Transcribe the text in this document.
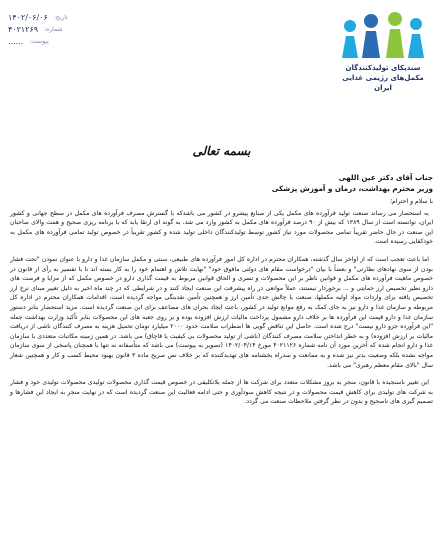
تاریخ:
۱۴۰۲/۰۶/۰۶
شماره:
۴۰۲۱۲۶۹
پیوست:
......
سندیکای تولیدکنندگان
مکمل‌های رژیمی غذایی
ایران
بسمه تعالی

جناب آقای دکتر عین اللهی

وزیر محترم بهداشت، درمان و آموزش پزشکی

با سلام و احترام؛

به استحضار می رساند صنعت تولید فرآورده های مکمل یکی از صنایع پیشرو در کشور می باشدکه با گسترش مصرف فرآورده های مکمل در سطح جهانی و کشور ایران، توانسته است از سال ۱۳۸۹ که بیش از ۹۰ درصد فرآورده های مکمل به کشور وارد می شد، به گونه ای ارتقا یابد که با برنامه ریزی صحیح و همت والای صاحبان این صنعت در حال حاضر تقریباً تمامی محصولات مورد نیاز کشور توسط تولیدکنندگان داخلی تولید شده و کشور تقریباً در خصوص تولید تمامی فرآورده های مکمل به خودکفایی رسیده است.

اما باعث تعجب است که از اواخر سال گذشته، همکاران محترم در اداره کل امور فرآورده های طبیعی، سنتی و مکمل سازمان غذا و دارو با عنوان نمودن "تحت فشار بودن از سوی نهادهای نظارتی" و بعضاً با بیان "درخواست مقام های دولتی مافوق خود" "نهایت تلاش و اهتمام خود را به کار بسته اند تا با تفسیر به رأی از قانون در خصوص ماهیت فرآورده های مکمل و قوانین ناظر بر این محصولات و تسری و الحاق قوانین مربوط به قیمت گذاری دارو در خصوص مکمل که از مزایا و فرصت های دارو نظیر تخصیص ارز حمایتی و ... برخوردار نیستند، عملاً موانعی در راه پیشرفت این صنعت ایجاد کنند و در شرایطی که در چند ماه اخیر به دلیل تغییر مبنای نرخ ارز تخصیص یافته برای واردات مواد اولیه مکملها، صنعت با چالش جدی تأمین ارز و همچنین تأمین نقدینگی مواجه گردیده است، اقدامات همکاران محترم در اداره کل مربوطه و سازمان غذا و دارو نیز به جای کمک به رفع موانع تولید در کشور، باعث ایجاد بحران های مضاعف برای این صنعت گردیده است. مزید استحضار بنابر دستور سازمان غذا و دارو قیمت این فرآورده ها بر خلاف دارو مشمول پرداخت مالیات ارزش افزوده بوده و بر روی جعبه های این محصولات بنابر تأکید وزارت بهداشت جمله "این فرآورده جزو دارو نیست" درج شده است. حاصل این تناقض گویی ها اضطراب سلامت حدود ۲۰۰۰ میلیارد تومان تحمیل هزینه به مصرف کنندگان ناشی از دریافت مالیات بر ارزش افزوده) و به خطر انداختن سلامت مصرف کنندگان (ناشی از تولید محصولات بی کیفیت یا قاچاق) می باشد. در همین زمینه مکاتبات متعددی با سازمان غذا و دارو انجام شده که آخرین مورد آن نامه شماره ۴۰۲۱۱۲۶ مورخ ۱۴۰۲/۰۴/۱۴ (تصویر به پیوست) می باشد که متأسفانه نه تنها با همچنان پاسخی از سوی سازمان مواجه نشده بلکه وضعیت بدتر نیز شده و به ممانعت و سدراه بخشنامه های تهدیدکننده که بر خلاف نص صریح ماده ۳ قانون بهبود محیط کسب و کار و همچنین شعار سال "بالای مقام معظم رهبری" می باشد.

این تغییر ناسنجیده با قانون، منجر به بروز مشکلات متعدد برای شرکت ها از جمله بلاتکلیفی در خصوص قیمت گذاری محصولات تولیدی محصولات تولیدی خود و فشار به شرکت های تولیدی برای کاهش قیمت محصولات و در نتیجه کاهش سودآوری و حتی ادامه فعالیت این صنعت گردیده است که در نهایت منجر به ایجاد این فشارها و تصمیم گیری های ناصحیح و بدون در نظر گرفتن ملاحظات صنعت می گردد.
